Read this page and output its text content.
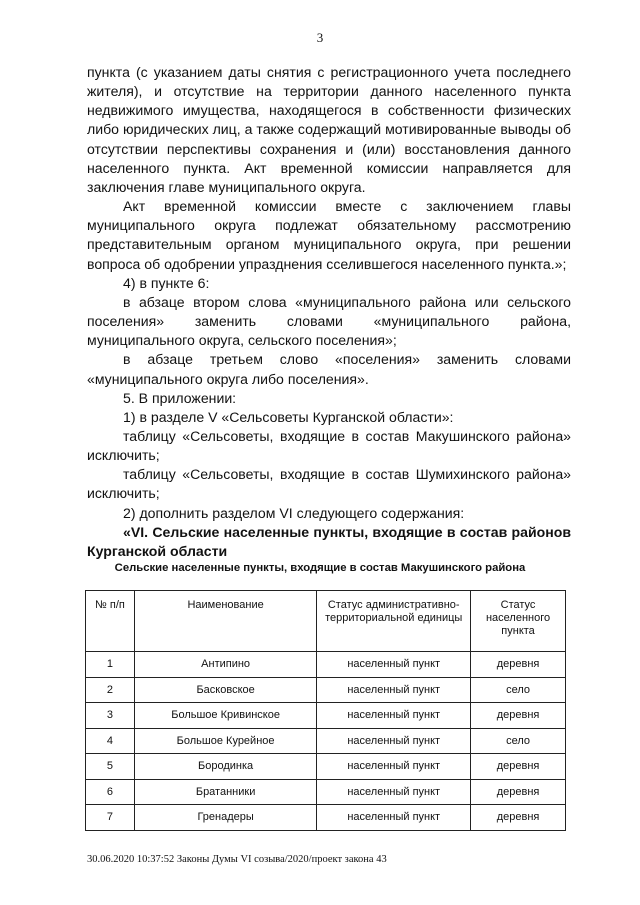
3

пункта (с указанием даты снятия с регистрационного учета последнего жителя), и отсутствие на территории данного населенного пункта недвижимого имущества, находящегося в собственности физических либо юридических лиц, а также содержащий мотивированные выводы об отсутствии перспективы сохранения и (или) восстановления данного населенного пункта. Акт временной комиссии направляется для заключения главе муниципального округа.

Акт временной комиссии вместе с заключением главы муниципального округа подлежат обязательному рассмотрению представительным органом муниципального округа, при решении вопроса об одобрении упразднения сселившегося населенного пункта.»;

4) в пункте 6:

в абзаце втором слова «муниципального района или сельского поселения» заменить словами «муниципального района, муниципального округа, сельского поселения»;

в абзаце третьем слово «поселения» заменить словами «муниципального округа либо поселения».

5. В приложении:

1) в разделе V «Сельсоветы Курганской области»:

таблицу «Сельсоветы, входящие в состав Макушинского района» исключить;

таблицу «Сельсоветы, входящие в состав Шумихинского района» исключить;

2) дополнить разделом VI следующего содержания:

«VI. Сельские населенные пункты, входящие в состав районов Курганской области

Сельские населенные пункты, входящие в состав Макушинского района
№ п/п	Наименование	Статус административно-территориальной единицы	Статус населенного пункта
1	Антипино	населенный пункт	деревня
2	Басковское	населенный пункт	село
3	Большое Кривинское	населенный пункт	деревня
4	Большое Курейное	населенный пункт	село
5	Бородинка	населенный пункт	деревня
6	Братанники	населенный пункт	деревня
7	Гренадеры	населенный пункт	деревня
30.06.2020 10:37:52 Законы Думы VI созыва/2020/проект закона 43
